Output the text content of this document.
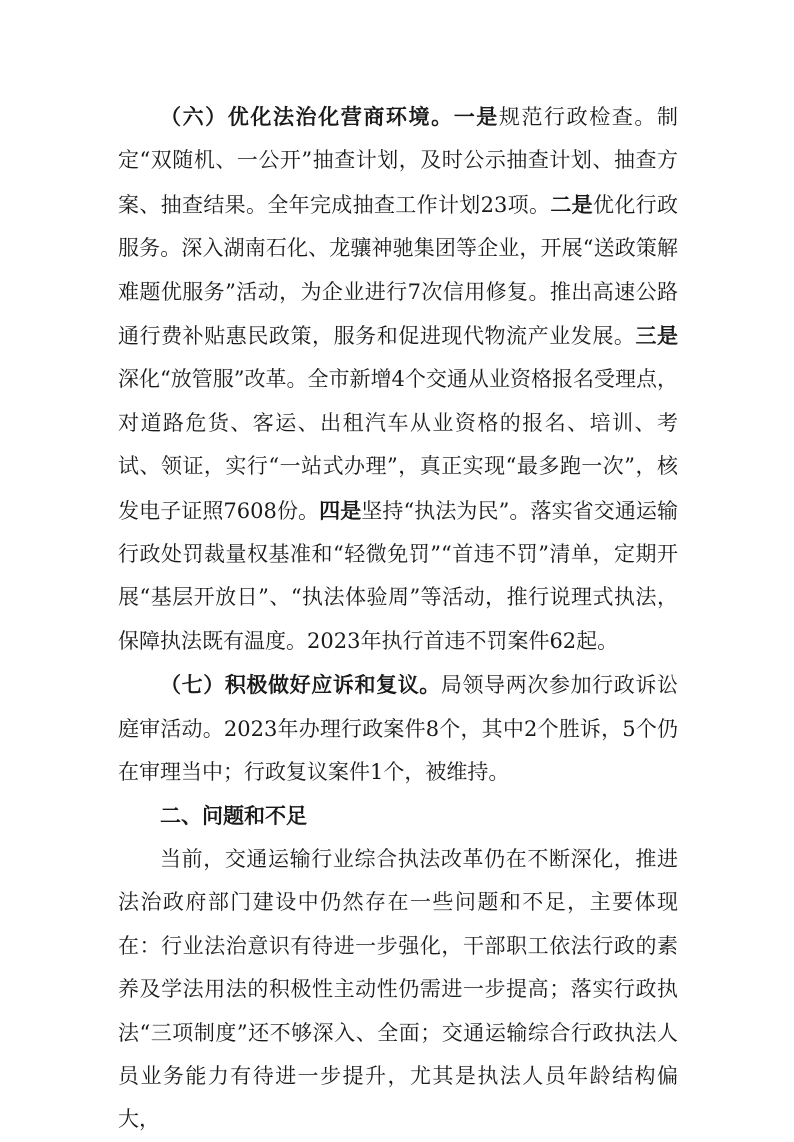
（六）优化法治化营商环境。一是规范行政检查。制定“双随机、一公开”抽查计划，及时公示抽查计划、抽查方案、抽查结果。全年完成抽查工作计划23项。二是优化行政服务。深入湖南石化、龙骧神驰集团等企业，开展“送政策解难题优服务”活动，为企业进行7次信用修复。推出高速公路通行费补贴惠民政策，服务和促进现代物流产业发展。三是深化“放管服”改革。全市新增4个交通从业资格报名受理点，对道路危货、客运、出租汽车从业资格的报名、培训、考试、领证，实行“一站式办理”，真正实现“最多跑一次”，核发电子证照7608份。四是坚持“执法为民”。落实省交通运输行政处罚裁量权基准和“轻微免罚”“首违不罚”清单，定期开展“基层开放日”、“执法体验周”等活动，推行说理式执法，保障执法既有温度。2023年执行首违不罚案件62起。

（七）积极做好应诉和复议。局领导两次参加行政诉讼庭审活动。2023年办理行政案件8个，其中2个胜诉，5个仍在审理当中；行政复议案件1个，被维持。

二、问题和不足

当前，交通运输行业综合执法改革仍在不断深化，推进法治政府部门建设中仍然存在一些问题和不足，主要体现在：行业法治意识有待进一步强化，干部职工依法行政的素养及学法用法的积极性主动性仍需进一步提高；落实行政执法“三项制度”还不够深入、全面；交通运输综合行政执法人员业务能力有待进一步提升，尤其是执法人员年龄结构偏大，
